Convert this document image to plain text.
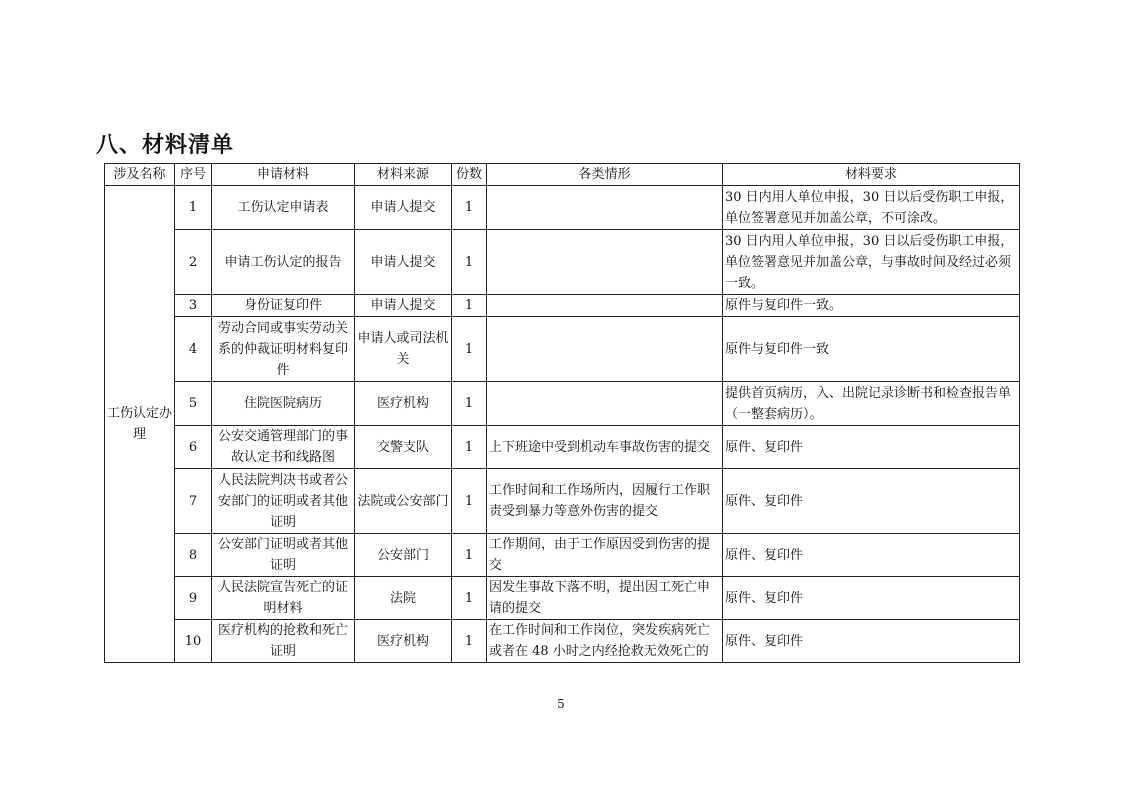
八、材料清单
涉及名称	序号	申请材料	材料来源	份数	各类情形	材料要求
工伤认定办理	1	工伤认定申请表	申请人提交	1		30 日内用人单位申报，30 日以后受伤职工申报，单位签署意见并加盖公章，不可涂改。
	2	申请工伤认定的报告	申请人提交	1		30 日内用人单位申报，30 日以后受伤职工申报，单位签署意见并加盖公章，与事故时间及经过必须一致。
	3	身份证复印件	申请人提交	1		原件与复印件一致。
	4	劳动合同或事实劳动关系的仲裁证明材料复印件	申请人或司法机关	1		原件与复印件一致
	5	住院医院病历	医疗机构	1		提供首页病历，入、出院记录诊断书和检查报告单（一整套病历）。
	6	公安交通管理部门的事故认定书和线路图	交警支队	1	上下班途中受到机动车事故伤害的提交	原件、复印件
	7	人民法院判决书或者公安部门的证明或者其他证明	法院或公安部门	1	工作时间和工作场所内，因履行工作职责受到暴力等意外伤害的提交	原件、复印件
	8	公安部门证明或者其他证明	公安部门	1	工作期间，由于工作原因受到伤害的提交	原件、复印件
	9	人民法院宣告死亡的证明材料	法院	1	因发生事故下落不明，提出因工死亡申请的提交	原件、复印件
	10	医疗机构的抢救和死亡证明	医疗机构	1	在工作时间和工作岗位，突发疾病死亡或者在 48 小时之内经抢救无效死亡的	原件、复印件
5
